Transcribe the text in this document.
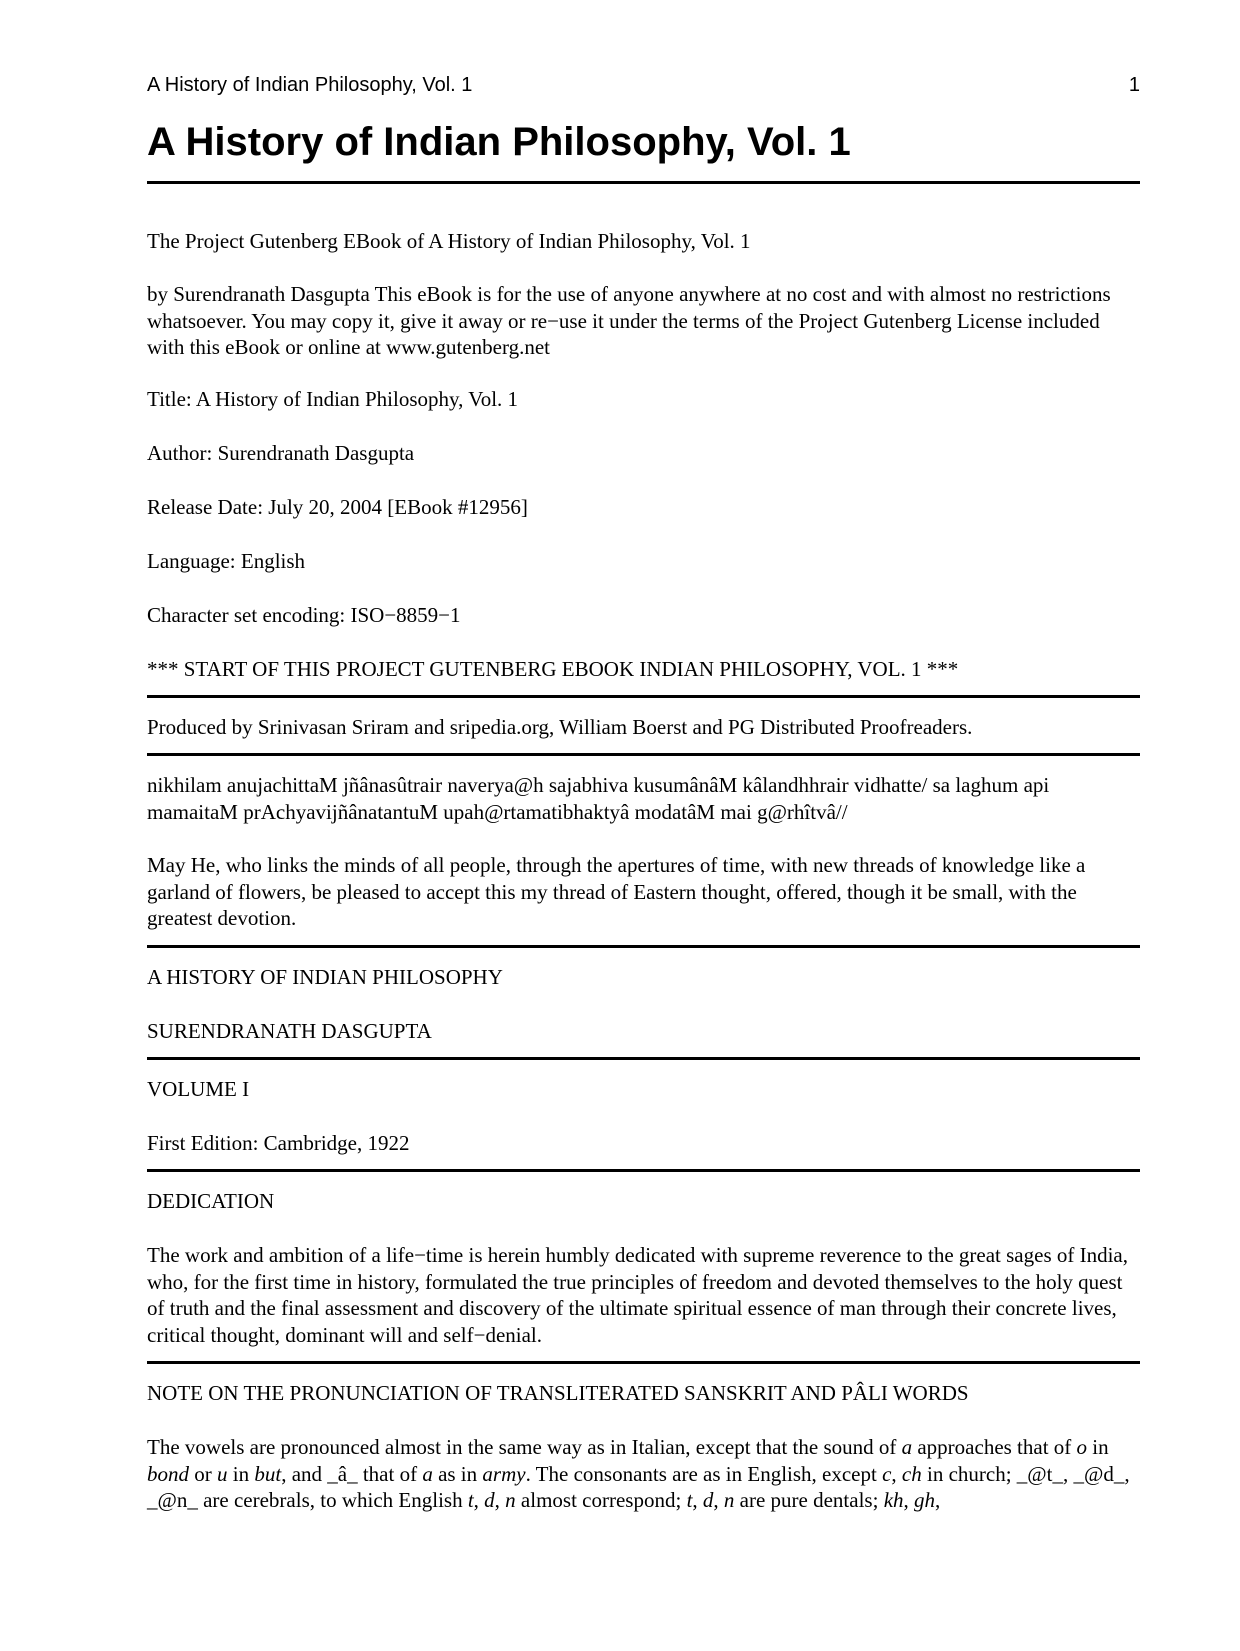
A History of Indian Philosophy, Vol. 1	1
A History of Indian Philosophy, Vol. 1

The Project Gutenberg EBook of A History of Indian Philosophy, Vol. 1

by Surendranath Dasgupta This eBook is for the use of anyone anywhere at no cost and with almost no restrictions whatsoever. You may copy it, give it away or re−use it under the terms of the Project Gutenberg License included with this eBook or online at www.gutenberg.net

Title: A History of Indian Philosophy, Vol. 1

Author: Surendranath Dasgupta

Release Date: July 20, 2004 [EBook #12956]

Language: English

Character set encoding: ISO−8859−1

*** START OF THIS PROJECT GUTENBERG EBOOK INDIAN PHILOSOPHY, VOL. 1 ***

Produced by Srinivasan Sriram and sripedia.org, William Boerst and PG Distributed Proofreaders.

nikhilam anujachittaM jñânasûtrair naverya@h sajabhiva kusumânâM kâlandhhrair vidhatte/ sa laghum api mamaitaM prAchyavijñânatantuM upah@rtamatibhaktyâ modatâM mai g@rhîtvâ//

May He, who links the minds of all people, through the apertures of time, with new threads of knowledge like a garland of flowers, be pleased to accept this my thread of Eastern thought, offered, though it be small, with the greatest devotion.

A HISTORY OF INDIAN PHILOSOPHY

SURENDRANATH DASGUPTA

VOLUME I

First Edition: Cambridge, 1922

DEDICATION

The work and ambition of a life−time is herein humbly dedicated with supreme reverence to the great sages of India, who, for the first time in history, formulated the true principles of freedom and devoted themselves to the holy quest of truth and the final assessment and discovery of the ultimate spiritual essence of man through their concrete lives, critical thought, dominant will and self−denial.

NOTE ON THE PRONUNCIATION OF TRANSLITERATED SANSKRIT AND PÂLI WORDS

The vowels are pronounced almost in the same way as in Italian, except that the sound of a approaches that of o in bond or u in but, and _â_ that of a as in army. The consonants are as in English, except c, ch in church; _@t_, _@d_, _@n_ are cerebrals, to which English t, d, n almost correspond; t, d, n are pure dentals; kh, gh,
